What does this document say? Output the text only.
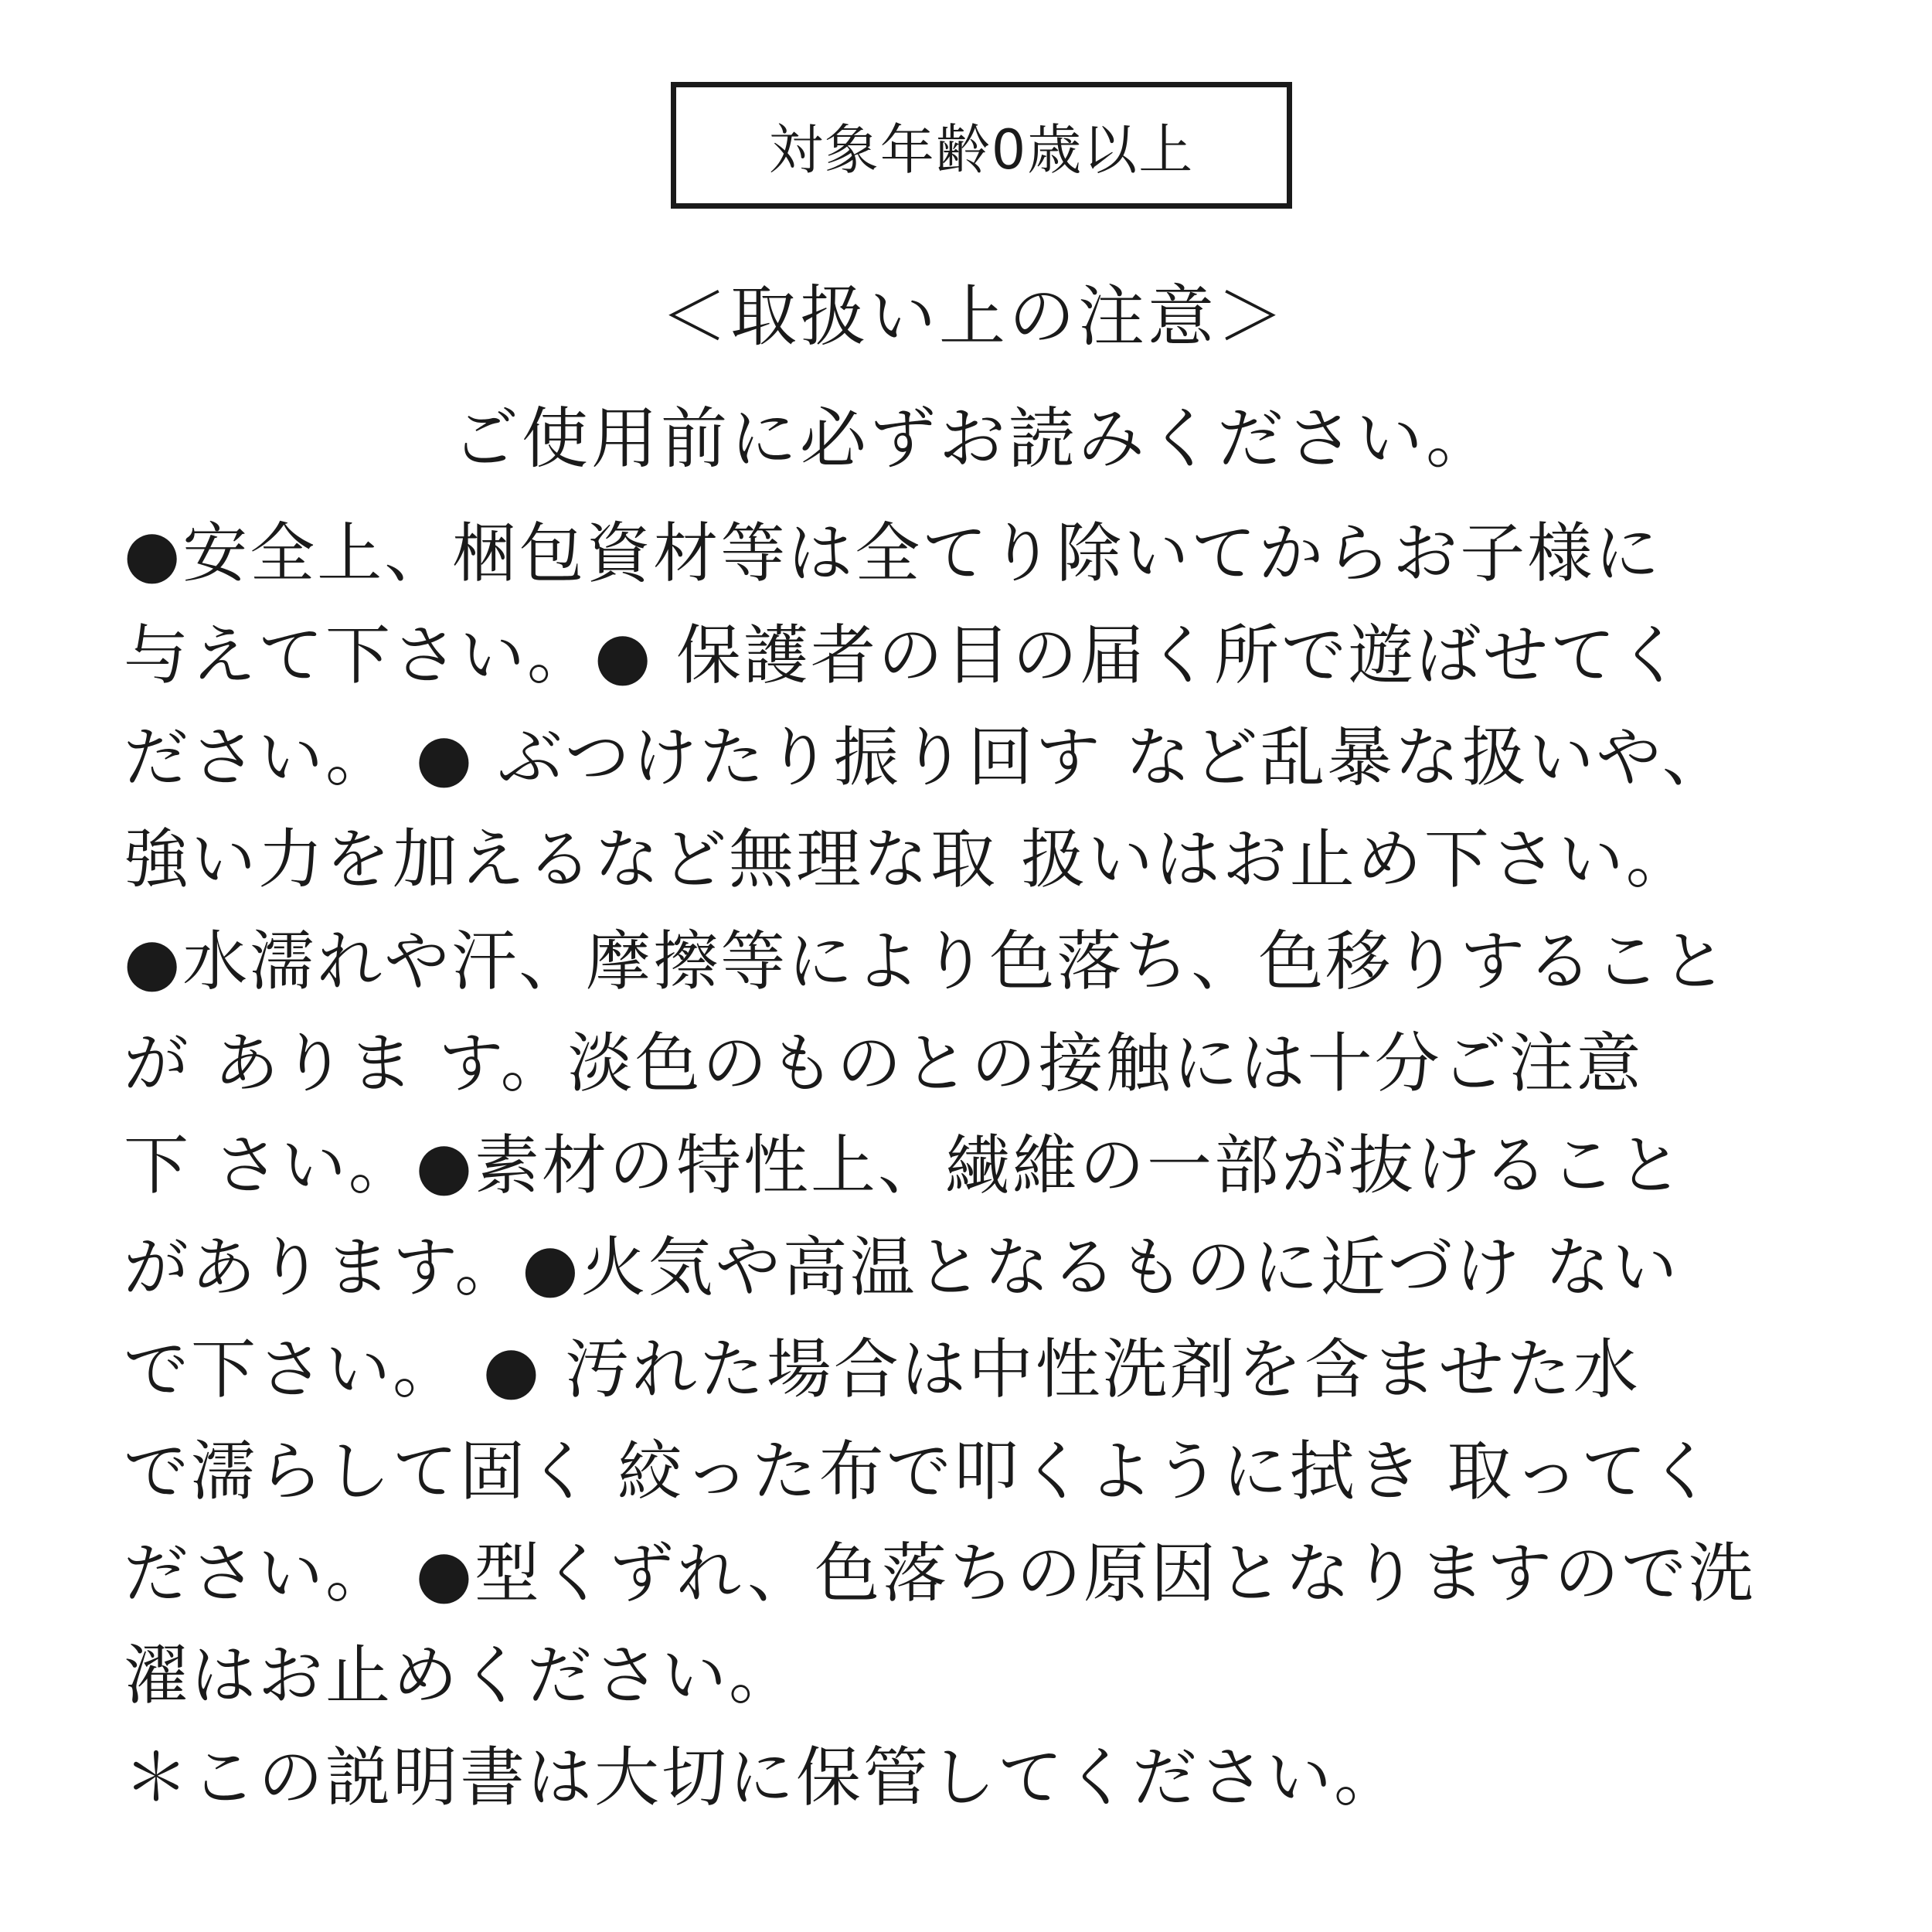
対象年齢0歳以上
＜取扱い上の注意＞
ご使用前に必ずお読みください。
●安全上、梱包資材等は全てり除いてからお子様に
与えて下さい。● 保護者の目の届く所で遊ばせてく
ださい。 ● ぶつけたり振り回す など乱暴な扱いや、
強い力を加えるなど無理な取 扱いはお止め下さい。
●水濡れや汗、摩擦等により色落ち、色移りすること
が ありま す。淡色のものとの接触には十分ご注意
下 さい。●素材の特性上、繊維の一部が抜けること
があります。●火気や高温となるものに近づけ ない
で下さい。 ● 汚れた場合は中性洗剤を含ませた水
で濡らして固く 絞った布で叩くように拭き 取ってく
ださい。 ●型くずれ、色落ちの原因となりますので洗
濯はお止めください。
＊この説明書は大切に保管してください。
